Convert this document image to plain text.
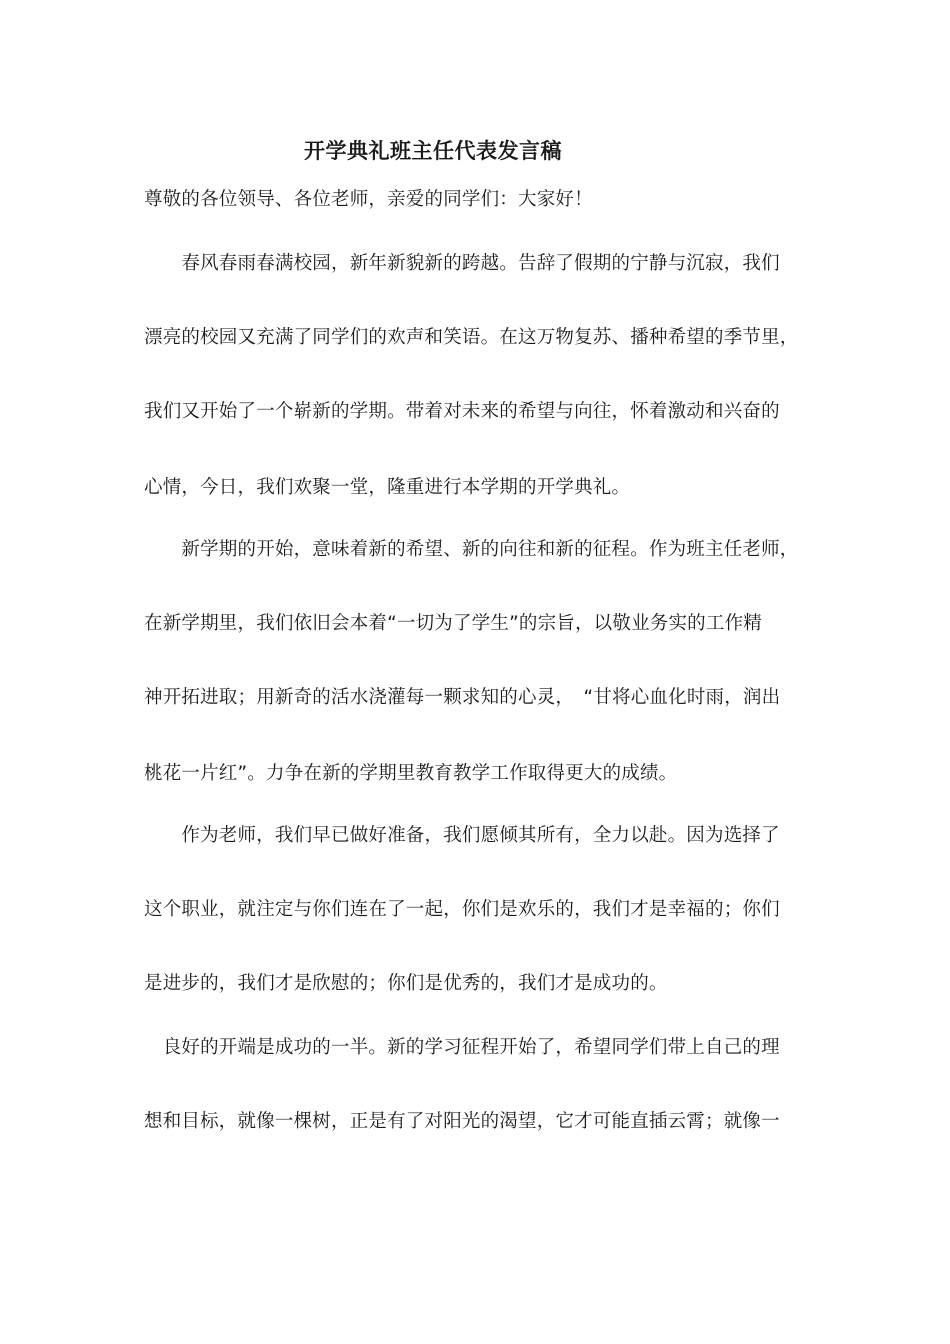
开学典礼班主任代表发言稿
尊敬的各位领导、各位老师，亲爱的同学们：大家好！
　　春风春雨春满校园，新年新貌新的跨越。告辞了假期的宁静与沉寂，我们
漂亮的校园又充满了同学们的欢声和笑语。在这万物复苏、播种希望的季节里，
我们又开始了一个崭新的学期。带着对未来的希望与向往，怀着激动和兴奋的
心情，今日，我们欢聚一堂，隆重进行本学期的开学典礼。
　　新学期的开始，意味着新的希望、新的向往和新的征程。作为班主任老师，
在新学期里，我们依旧会本着“一切为了学生”的宗旨，以敬业务实的工作精
神开拓进取；用新奇的活水浇灌每一颗求知的心灵，　“甘将心血化时雨，润出
桃花一片红”。力争在新的学期里教育教学工作取得更大的成绩。
　　作为老师，我们早已做好准备，我们愿倾其所有，全力以赴。因为选择了
这个职业，就注定与你们连在了一起，你们是欢乐的，我们才是幸福的；你们
是进步的，我们才是欣慰的；你们是优秀的，我们才是成功的。
　良好的开端是成功的一半。新的学习征程开始了，希望同学们带上自己的理
想和目标，就像一棵树，正是有了对阳光的渴望，它才可能直插云霄；就像一
